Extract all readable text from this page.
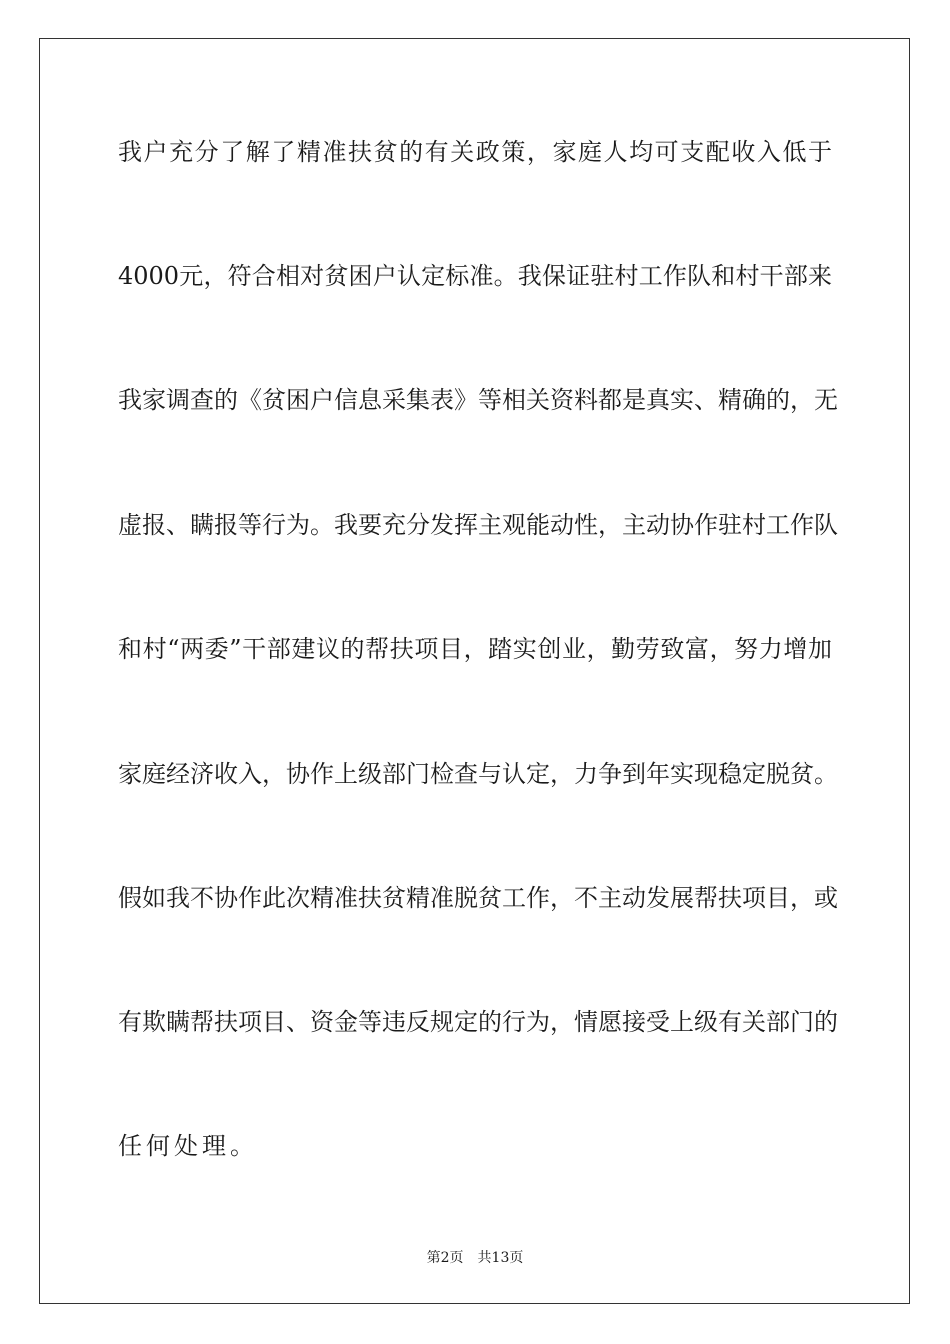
我户充分了解了精准扶贫的有关政策，家庭人均可支配收入低于
4000元，符合相对贫困户认定标准。我保证驻村工作队和村干部来
我家调查的《贫困户信息采集表》等相关资料都是真实、精确的，无
虚报、瞒报等行为。我要充分发挥主观能动性，主动协作驻村工作队
和村“两委”干部建议的帮扶项目，踏实创业，勤劳致富，努力增加
家庭经济收入，协作上级部门检查与认定，力争到年实现稳定脱贫。
假如我不协作此次精准扶贫精准脱贫工作，不主动发展帮扶项目，或
有欺瞒帮扶项目、资金等违反规定的行为，情愿接受上级有关部门的
任何处理。
第2页 共13页
